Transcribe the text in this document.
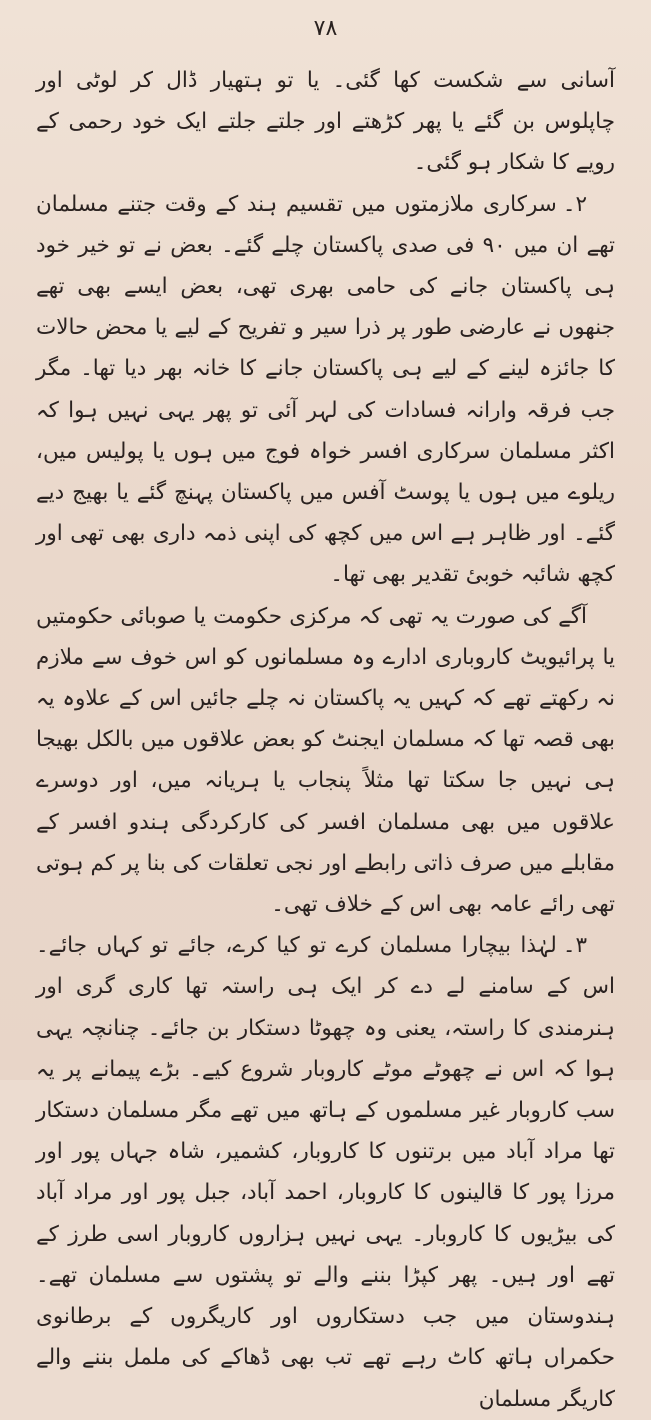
۷۸

آسانی سے شکست کھا گئی۔ یا تو ہتھیار ڈال کر لوٹی اور چاپلوس بن گئے یا پھر کڑھتے اور جلتے جلتے ایک خود رحمی کے رویے کا شکار ہو گئی۔

۲۔سرکاری ملازمتوں میں تقسیم ہند کے وقت جتنے مسلمان تھے ان میں ۹۰ فی صدی پاکستان چلے گئے۔ بعض نے تو خیر خود ہی پاکستان جانے کی حامی بھری تھی، بعض ایسے بھی تھے جنھوں نے عارضی طور پر ذرا سیر و تفریح کے لیے یا محض حالات کا جائزہ لینے کے لیے ہی پاکستان جانے کا خانہ بھر دیا تھا۔ مگر جب فرقہ وارانہ فسادات کی لہر آئی تو پھر یہی نہیں ہوا کہ اکثر مسلمان سرکاری افسر خواہ فوج میں ہوں یا پولیس میں، ریلوے میں ہوں یا پوسٹ آفس میں پاکستان پہنچ گئے یا بھیج دیے گئے۔ اور ظاہر ہے اس میں کچھ کی اپنی ذمہ داری بھی تھی اور کچھ شائبہ خوبیٔ تقدیر بھی تھا۔

آگے کی صورت یہ تھی کہ مرکزی حکومت یا صوبائی حکومتیں یا پرائیویٹ کاروباری ادارے وہ مسلمانوں کو اس خوف سے ملازم نہ رکھتے تھے کہ کہیں یہ پاکستان نہ چلے جائیں اس کے علاوہ یہ بھی قصہ تھا کہ مسلمان ایجنٹ کو بعض علاقوں میں بالکل بھیجا ہی نہیں جا سکتا تھا مثلاً پنجاب یا ہریانہ میں، اور دوسرے علاقوں میں بھی مسلمان افسر کی کارکردگی ہندو افسر کے مقابلے میں صرف ذاتی رابطے اور نجی تعلقات کی بنا پر کم ہوتی تھی رائے عامہ بھی اس کے خلاف تھی۔

۳۔لہٰذا بیچارا مسلمان کرے تو کیا کرے، جائے تو کہاں جائے۔ اس کے سامنے لے دے کر ایک ہی راستہ تھا کاری گری اور ہنرمندی کا راستہ، یعنی وہ چھوٹا دستکار بن جائے۔ چنانچہ یہی ہوا کہ اس نے چھوٹے موٹے کاروبار شروع کیے۔ بڑے پیمانے پر یہ سب کاروبار غیر مسلموں کے ہاتھ میں تھے مگر مسلمان دستکار تھا مراد آباد میں برتنوں کا کاروبار، کشمیر، شاہ جہاں پور اور مرزا پور کا قالینوں کا کاروبار، احمد آباد، جبل پور اور مراد آباد کی بیڑیوں کا کاروبار۔ یہی نہیں ہزاروں کاروبار اسی طرز کے تھے اور ہیں۔ پھر کپڑا بننے والے تو پشتوں سے مسلمان تھے۔ ہندوستان میں جب دستکاروں اور کاریگروں کے برطانوی حکمراں ہاتھ کاٹ رہے تھے تب بھی ڈھاکے کی ململ بننے والے کاریگر مسلمان
